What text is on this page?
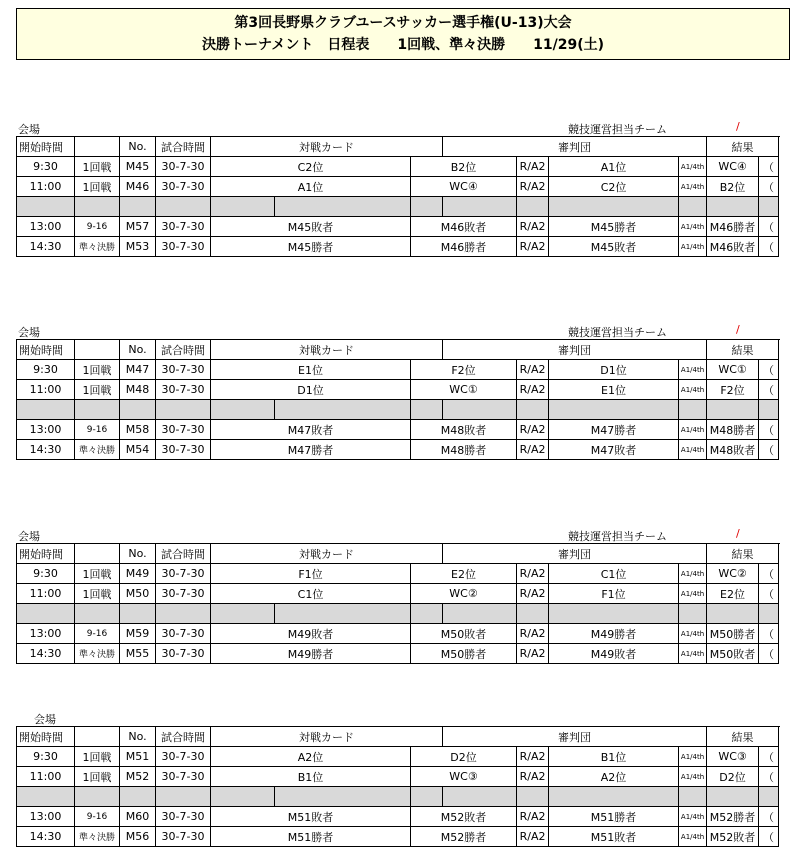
第3回長野県クラブユースサッカー選手権(U-13)大会
決勝トーナメント　日程表　　1回戦、準々決勝　　11/29(土)
会場	競技運営担当チーム	/
開始時間		No.	試合時間	対戦カード			審判団				結果		
9:30	1回戦	M45	30-7-30	C2位		B2位		R/A2	A1位	A1/4th	WC④	（		
11:00	1回戦	M46	30-7-30	A1位		WC④		R/A2	C2位	A1/4th	B2位	（		

13:00	9-16	M57	30-7-30	M45敗者		M46敗者		R/A2	M45勝者	A1/4th	M46勝者	（		
14:30	準々決勝	M53	30-7-30	M45勝者		M46勝者		R/A2	M45敗者	A1/4th	M46敗者	（		
会場	競技運営担当チーム	/
開始時間		No.	試合時間	対戦カード			審判団				結果		
9:30	1回戦	M47	30-7-30	E1位		F2位		R/A2	D1位	A1/4th	WC①	（		
11:00	1回戦	M48	30-7-30	D1位		WC①		R/A2	E1位	A1/4th	F2位	（		

13:00	9-16	M58	30-7-30	M47敗者		M48敗者		R/A2	M47勝者	A1/4th	M48勝者	（		
14:30	準々決勝	M54	30-7-30	M47勝者		M48勝者		R/A2	M47敗者	A1/4th	M48敗者	（		
会場	競技運営担当チーム	/
開始時間		No.	試合時間	対戦カード			審判団				結果		
9:30	1回戦	M49	30-7-30	F1位		E2位		R/A2	C1位	A1/4th	WC②	（		
11:00	1回戦	M50	30-7-30	C1位		WC②		R/A2	F1位	A1/4th	E2位	（		

13:00	9-16	M59	30-7-30	M49敗者		M50敗者		R/A2	M49勝者	A1/4th	M50勝者	（		
14:30	準々決勝	M55	30-7-30	M49勝者		M50勝者		R/A2	M49敗者	A1/4th	M50敗者	（		
会場
開始時間		No.	試合時間	対戦カード			審判団				結果		
9:30	1回戦	M51	30-7-30	A2位		D2位		R/A2	B1位	A1/4th	WC③	（		
11:00	1回戦	M52	30-7-30	B1位		WC③		R/A2	A2位	A1/4th	D2位	（		

13:00	9-16	M60	30-7-30	M51敗者		M52敗者		R/A2	M51勝者	A1/4th	M52勝者	（		
14:30	準々決勝	M56	30-7-30	M51勝者		M52勝者		R/A2	M51敗者	A1/4th	M52敗者	（		
